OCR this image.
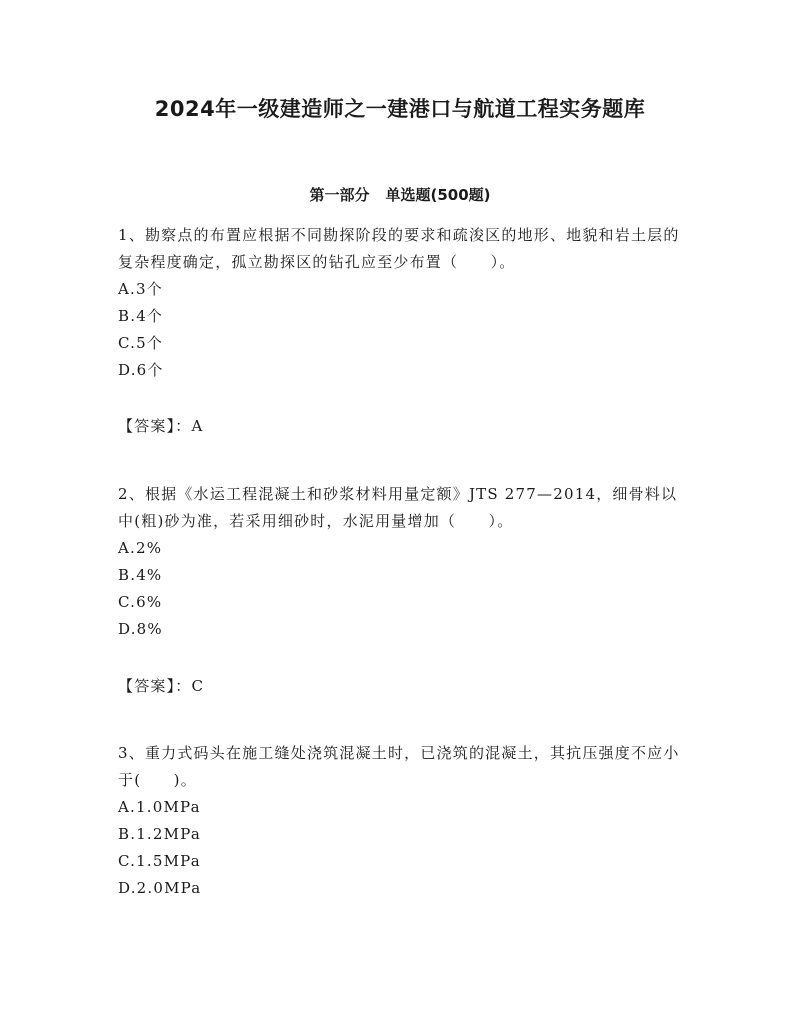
2024年一级建造师之一建港口与航道工程实务题库
第一部分 单选题(500题)

1、勘察点的布置应根据不同勘探阶段的要求和疏浚区的地形、地貌和岩土层的复杂程度确定，孤立勘探区的钻孔应至少布置（　　）。

A.3个
B.4个
C.5个
D.6个
【答案】：A

2、根据《水运工程混凝土和砂浆材料用量定额》JTS 277—2014，细骨料以中(粗)砂为准，若采用细砂时，水泥用量增加（　　）。

A.2%
B.4%
C.6%
D.8%
【答案】：C

3、重力式码头在施工缝处浇筑混凝土时，已浇筑的混凝土，其抗压强度不应小于(　　)。

A.1.0MPa
B.1.2MPa
C.1.5MPa
D.2.0MPa
